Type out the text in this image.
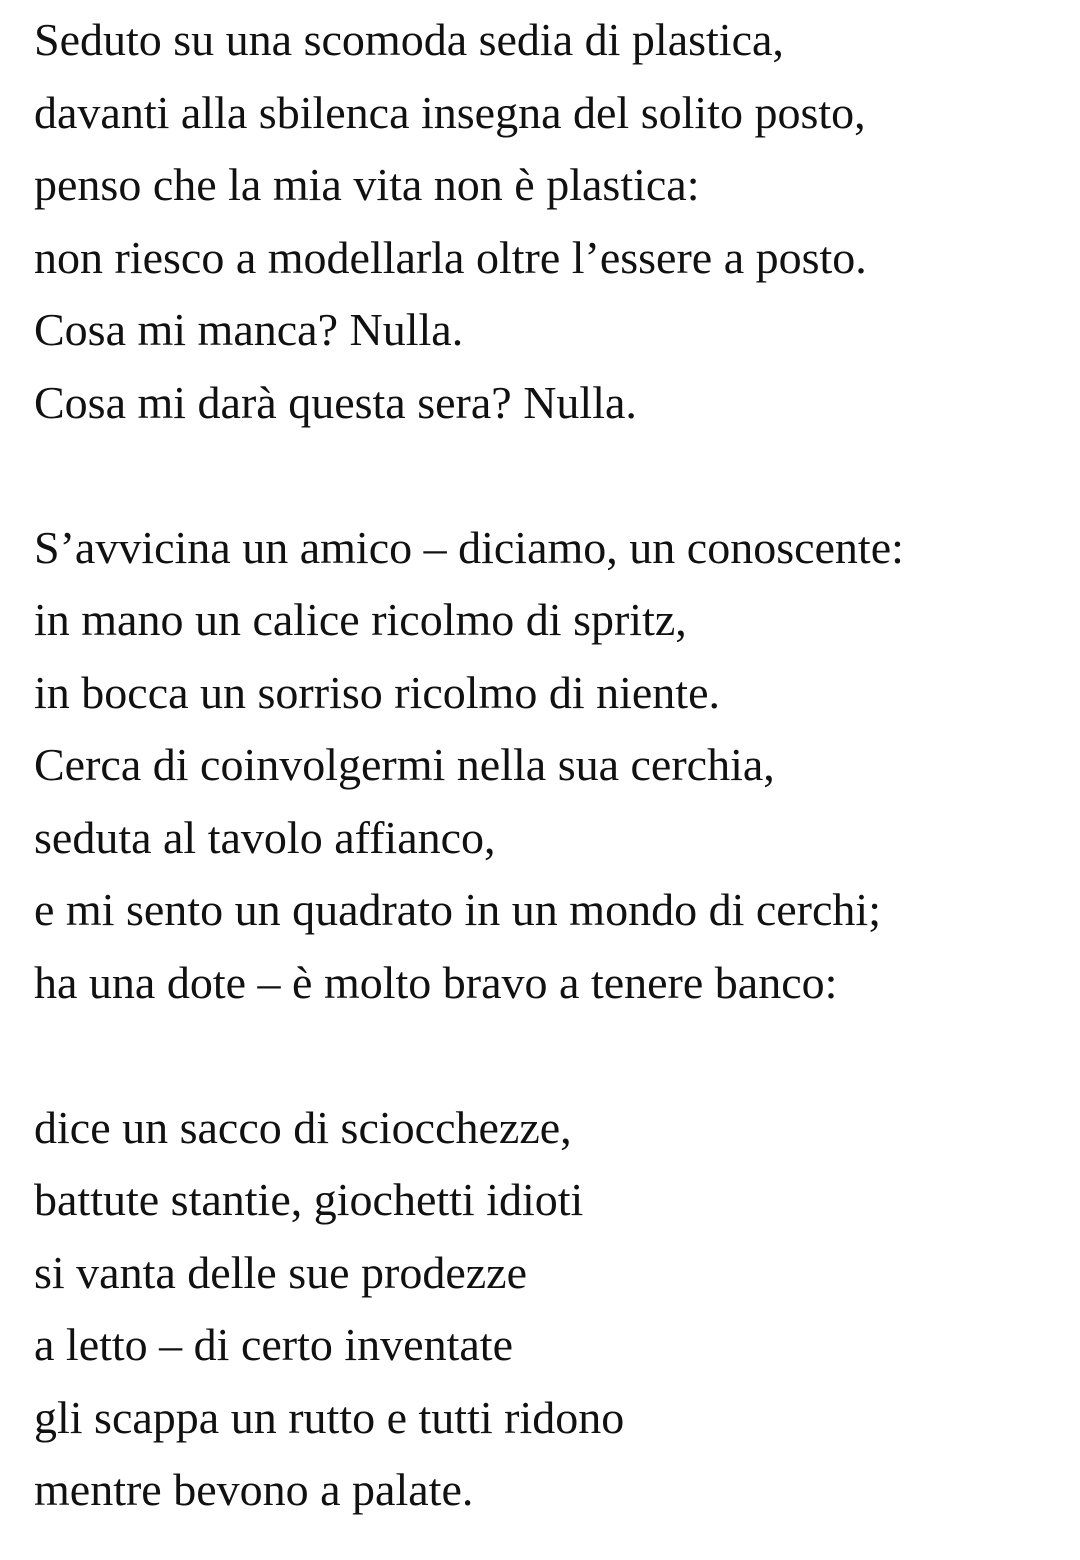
Seduto su una scomoda sedia di plastica,
davanti alla sbilenca insegna del solito posto,
penso che la mia vita non è plastica:
non riesco a modellarla oltre l’essere a posto.
Cosa mi manca? Nulla.
Cosa mi darà questa sera? Nulla.
S’avvicina un amico – diciamo, un conoscente:
in mano un calice ricolmo di spritz,
in bocca un sorriso ricolmo di niente.
Cerca di coinvolgermi nella sua cerchia,
seduta al tavolo affianco,
e mi sento un quadrato in un mondo di cerchi;
ha una dote – è molto bravo a tenere banco:
dice un sacco di sciocchezze,
battute stantie, giochetti idioti
si vanta delle sue prodezze
a letto – di certo inventate
gli scappa un rutto e tutti ridono
mentre bevono a palate.
